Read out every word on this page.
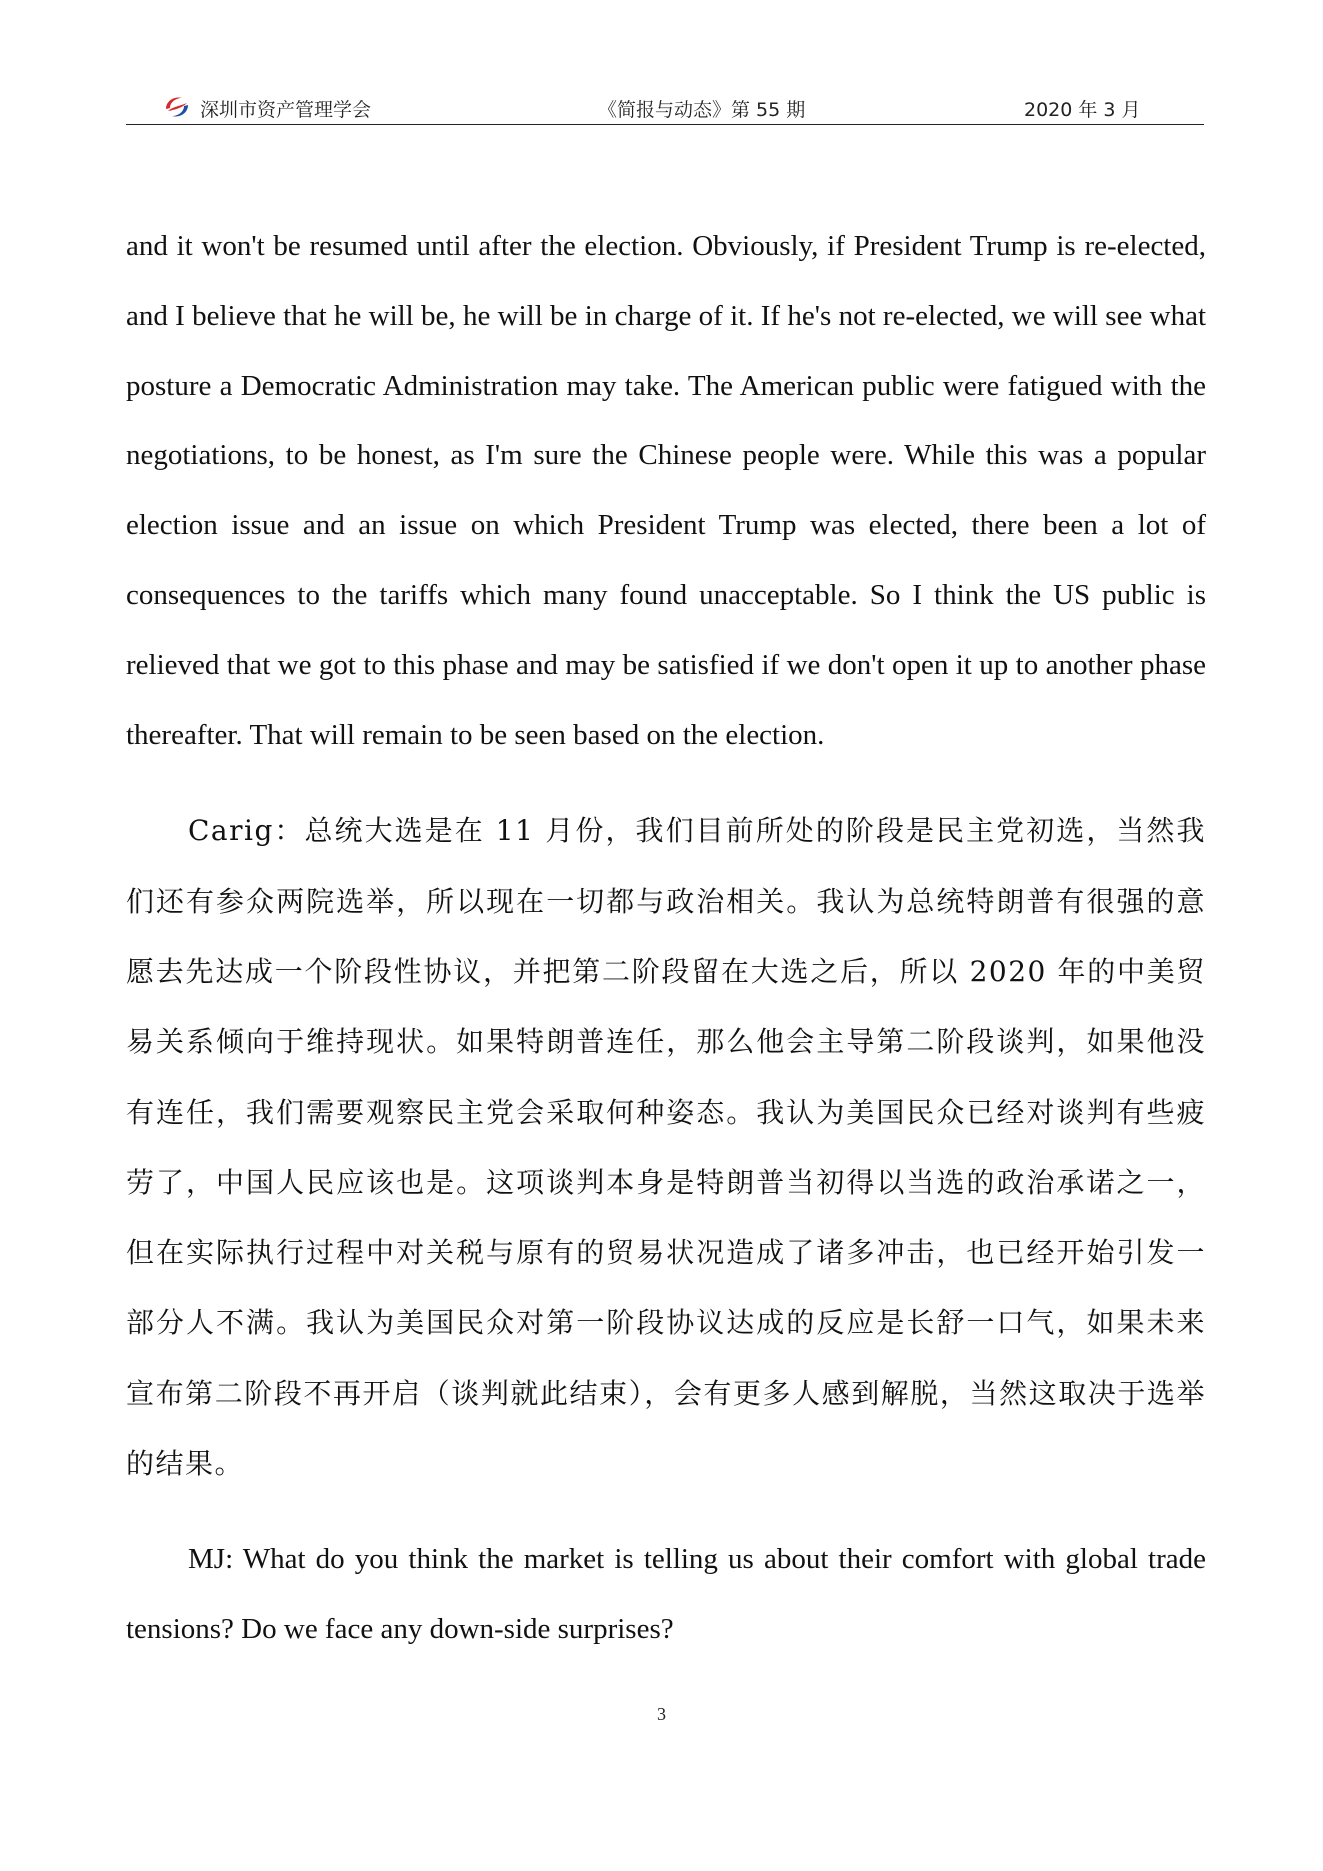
深圳市资产管理学会	《简报与动态》第 55 期	2020 年 3 月

and it won't be resumed until after the election. Obviously, if President Trump is re-elected, and I believe that he will be, he will be in charge of it. If he's not re-elected, we will see what posture a Democratic Administration may take. The American public were fatigued with the negotiations, to be honest, as I'm sure the Chinese people were. While this was a popular election issue and an issue on which President Trump was elected, there been a lot of consequences to the tariffs which many found unacceptable. So I think the US public is relieved that we got to this phase and may be satisfied if we don't open it up to another phase thereafter. That will remain to be seen based on the election.

Carig：总统大选是在 11 月份，我们目前所处的阶段是民主党初选，当然我们还有参众两院选举，所以现在一切都与政治相关。我认为总统特朗普有很强的意愿去先达成一个阶段性协议，并把第二阶段留在大选之后，所以 2020 年的中美贸易关系倾向于维持现状。如果特朗普连任，那么他会主导第二阶段谈判，如果他没有连任，我们需要观察民主党会采取何种姿态。我认为美国民众已经对谈判有些疲劳了，中国人民应该也是。这项谈判本身是特朗普当初得以当选的政治承诺之一，但在实际执行过程中对关税与原有的贸易状况造成了诸多冲击，也已经开始引发一部分人不满。我认为美国民众对第一阶段协议达成的反应是长舒一口气，如果未来宣布第二阶段不再开启（谈判就此结束），会有更多人感到解脱，当然这取决于选举的结果。

MJ: What do you think the market is telling us about their comfort with global trade tensions? Do we face any down-side surprises?

3
